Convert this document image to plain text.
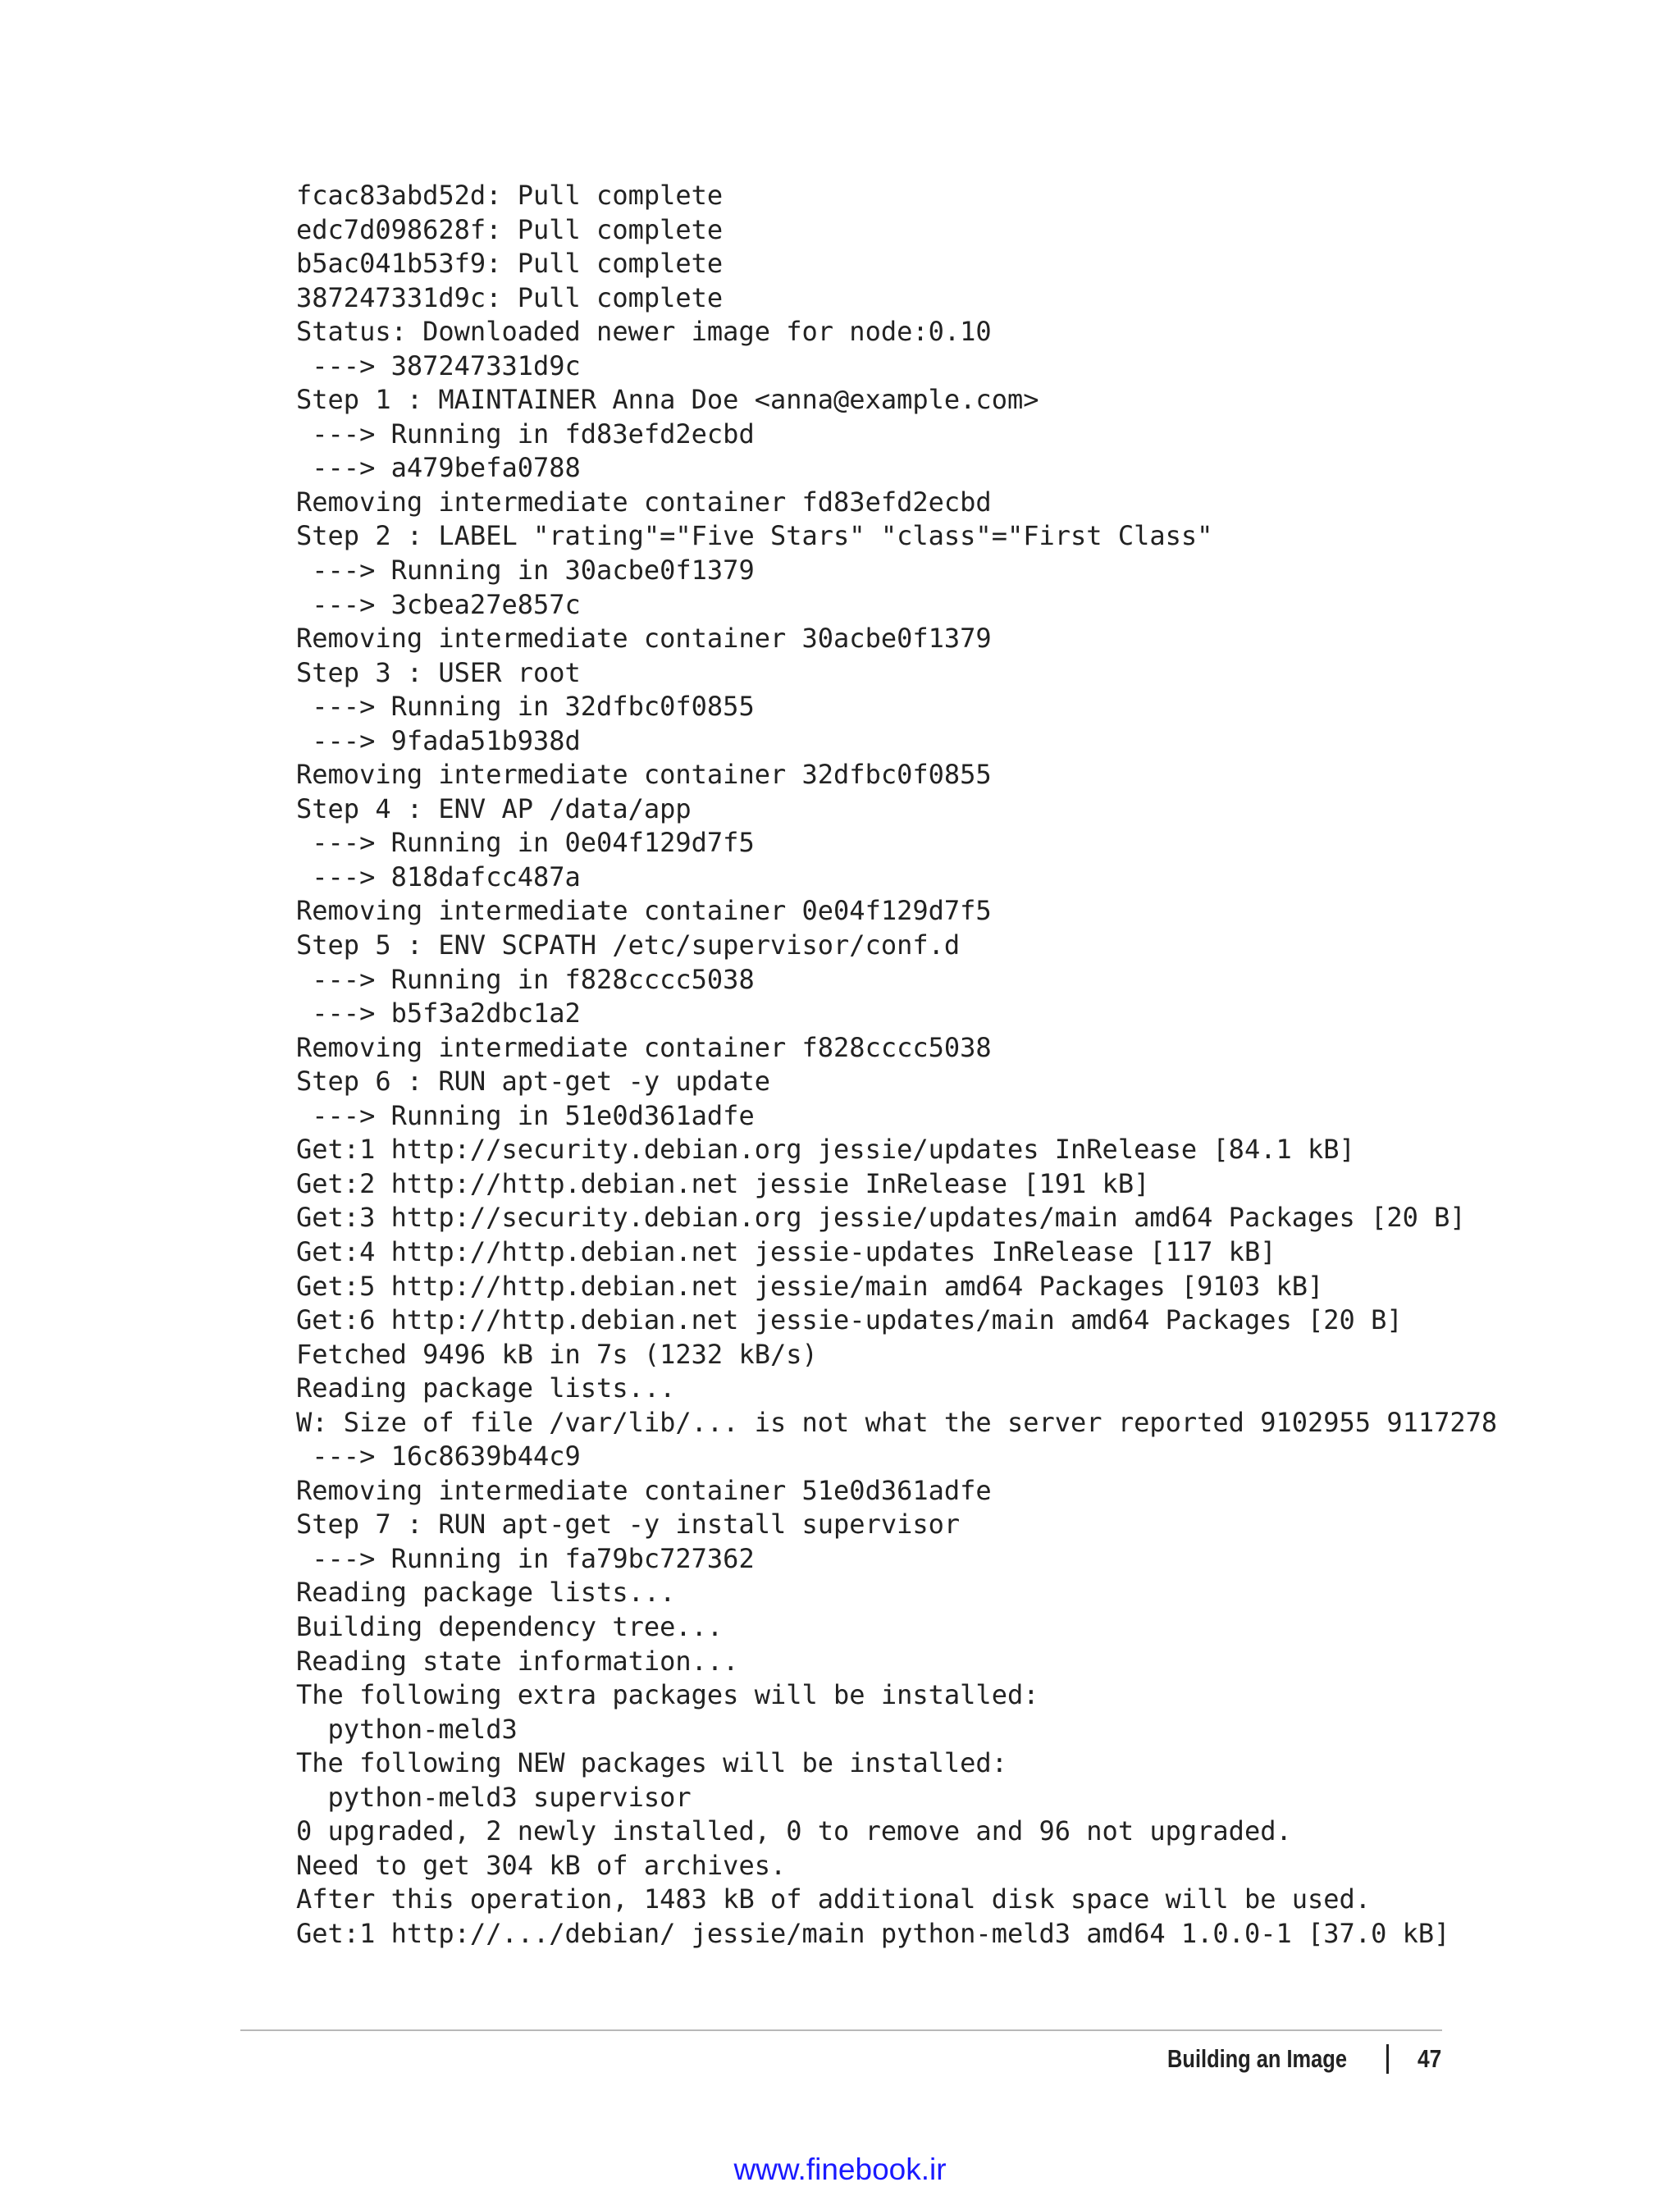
fcac83abd52d: Pull complete
edc7d098628f: Pull complete
b5ac041b53f9: Pull complete
387247331d9c: Pull complete
Status: Downloaded newer image for node:0.10
---> 387247331d9c
Step 1 : MAINTAINER Anna Doe <anna@example.com>
---> Running in fd83efd2ecbd
---> a479befa0788
Removing intermediate container fd83efd2ecbd
Step 2 : LABEL "rating"="Five Stars" "class"="First Class"
---> Running in 30acbe0f1379
---> 3cbea27e857c
Removing intermediate container 30acbe0f1379
Step 3 : USER root
---> Running in 32dfbc0f0855
---> 9fada51b938d
Removing intermediate container 32dfbc0f0855
Step 4 : ENV AP /data/app
---> Running in 0e04f129d7f5
---> 818dafcc487a
Removing intermediate container 0e04f129d7f5
Step 5 : ENV SCPATH /etc/supervisor/conf.d
---> Running in f828cccc5038
---> b5f3a2dbc1a2
Removing intermediate container f828cccc5038
Step 6 : RUN apt-get -y update
---> Running in 51e0d361adfe
Get:1 http://security.debian.org jessie/updates InRelease [84.1 kB]
Get:2 http://http.debian.net jessie InRelease [191 kB]
Get:3 http://security.debian.org jessie/updates/main amd64 Packages [20 B]
Get:4 http://http.debian.net jessie-updates InRelease [117 kB]
Get:5 http://http.debian.net jessie/main amd64 Packages [9103 kB]
Get:6 http://http.debian.net jessie-updates/main amd64 Packages [20 B]
Fetched 9496 kB in 7s (1232 kB/s)
Reading package lists...
W: Size of file /var/lib/... is not what the server reported 9102955 9117278
---> 16c8639b44c9
Removing intermediate container 51e0d361adfe
Step 7 : RUN apt-get -y install supervisor
---> Running in fa79bc727362
Reading package lists...
Building dependency tree...
Reading state information...
The following extra packages will be installed:
python-meld3
The following NEW packages will be installed:
python-meld3 supervisor
0 upgraded, 2 newly installed, 0 to remove and 96 not upgraded.
Need to get 304 kB of archives.
After this operation, 1483 kB of additional disk space will be used.
Get:1 http://.../debian/ jessie/main python-meld3 amd64 1.0.0-1 [37.0 kB]
Building an Image	47
www.finebook.ir
